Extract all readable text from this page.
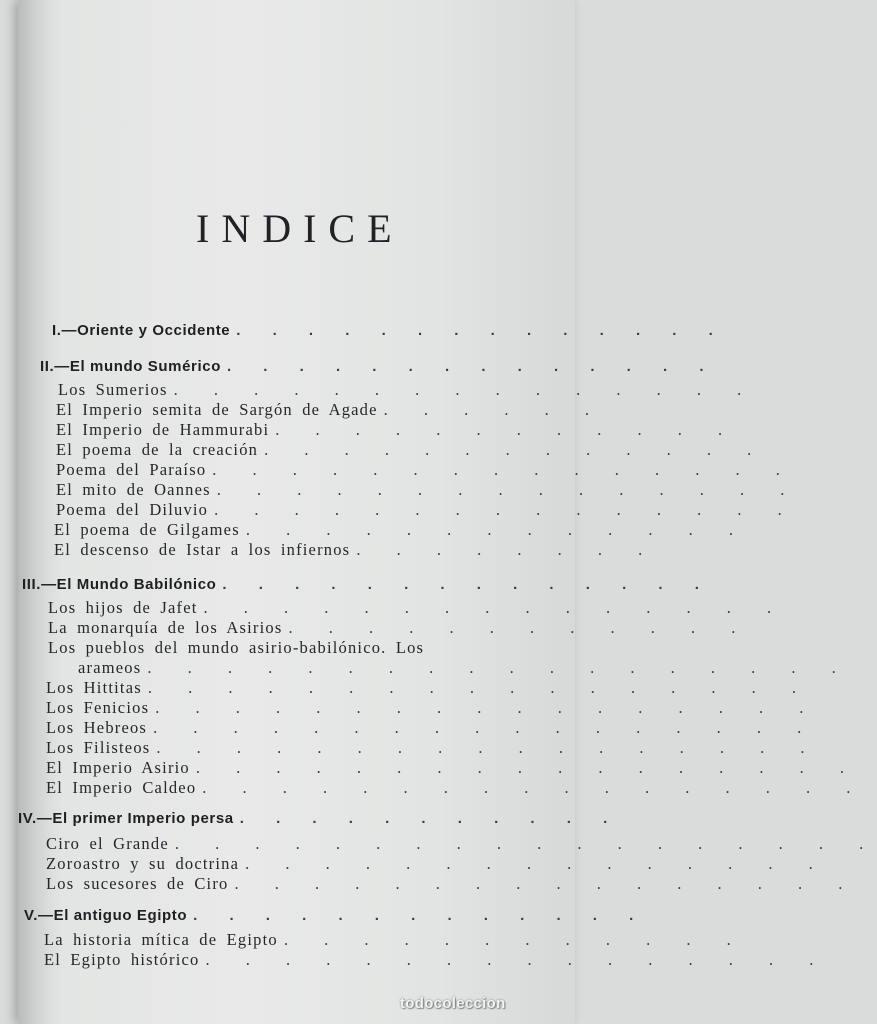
INDICE
I.—Oriente y Occidente . . . . . . . . . . . . . .
II.—El mundo Sumérico . . . . . . . . . . . . . .
Los Sumerios . . . . . . . . . . . . . . .
El Imperio semita de Sargón de Agade . . . . . .
El Imperio de Hammurabi . . . . . . . . . . . .
El poema de la creación . . . . . . . . . . . . .
Poema del Paraíso . . . . . . . . . . . . . . .
El mito de Oannes . . . . . . . . . . . . . . .
Poema del Diluvio . . . . . . . . . . . . . . .
El poema de Gilgames . . . . . . . . . . . . .
El descenso de Istar a los infiernos . . . . . . . .
III.—El Mundo Babilónico . . . . . . . . . . . . . .
Los hijos de Jafet . . . . . . . . . . . . . . .
La monarquía de los Asirios . . . . . . . . . . . .
Los pueblos del mundo asirio-babilónico. Los
arameos . . . . . . . . . . . . . . . . . .
Los Hittitas . . . . . . . . . . . . . . . . .
Los Fenicios . . . . . . . . . . . . . . . . .
Los Hebreos . . . . . . . . . . . . . . . . .
Los Filisteos . . . . . . . . . . . . . . . . .
El Imperio Asirio . . . . . . . . . . . . . . . . .
El Imperio Caldeo . . . . . . . . . . . . . . . . .
IV.—El primer Imperio persa . . . . . . . . . . .
Ciro el Grande . . . . . . . . . . . . . . . . . .
Zoroastro y su doctrina . . . . . . . . . . . . . . .
Los sucesores de Ciro . . . . . . . . . . . . . . . .
V.—El antiguo Egipto . . . . . . . . . . . . .
La historia mítica de Egipto . . . . . . . . . . . .
El Egipto histórico . . . . . . . . . . . . . . . .
todocoleccion
